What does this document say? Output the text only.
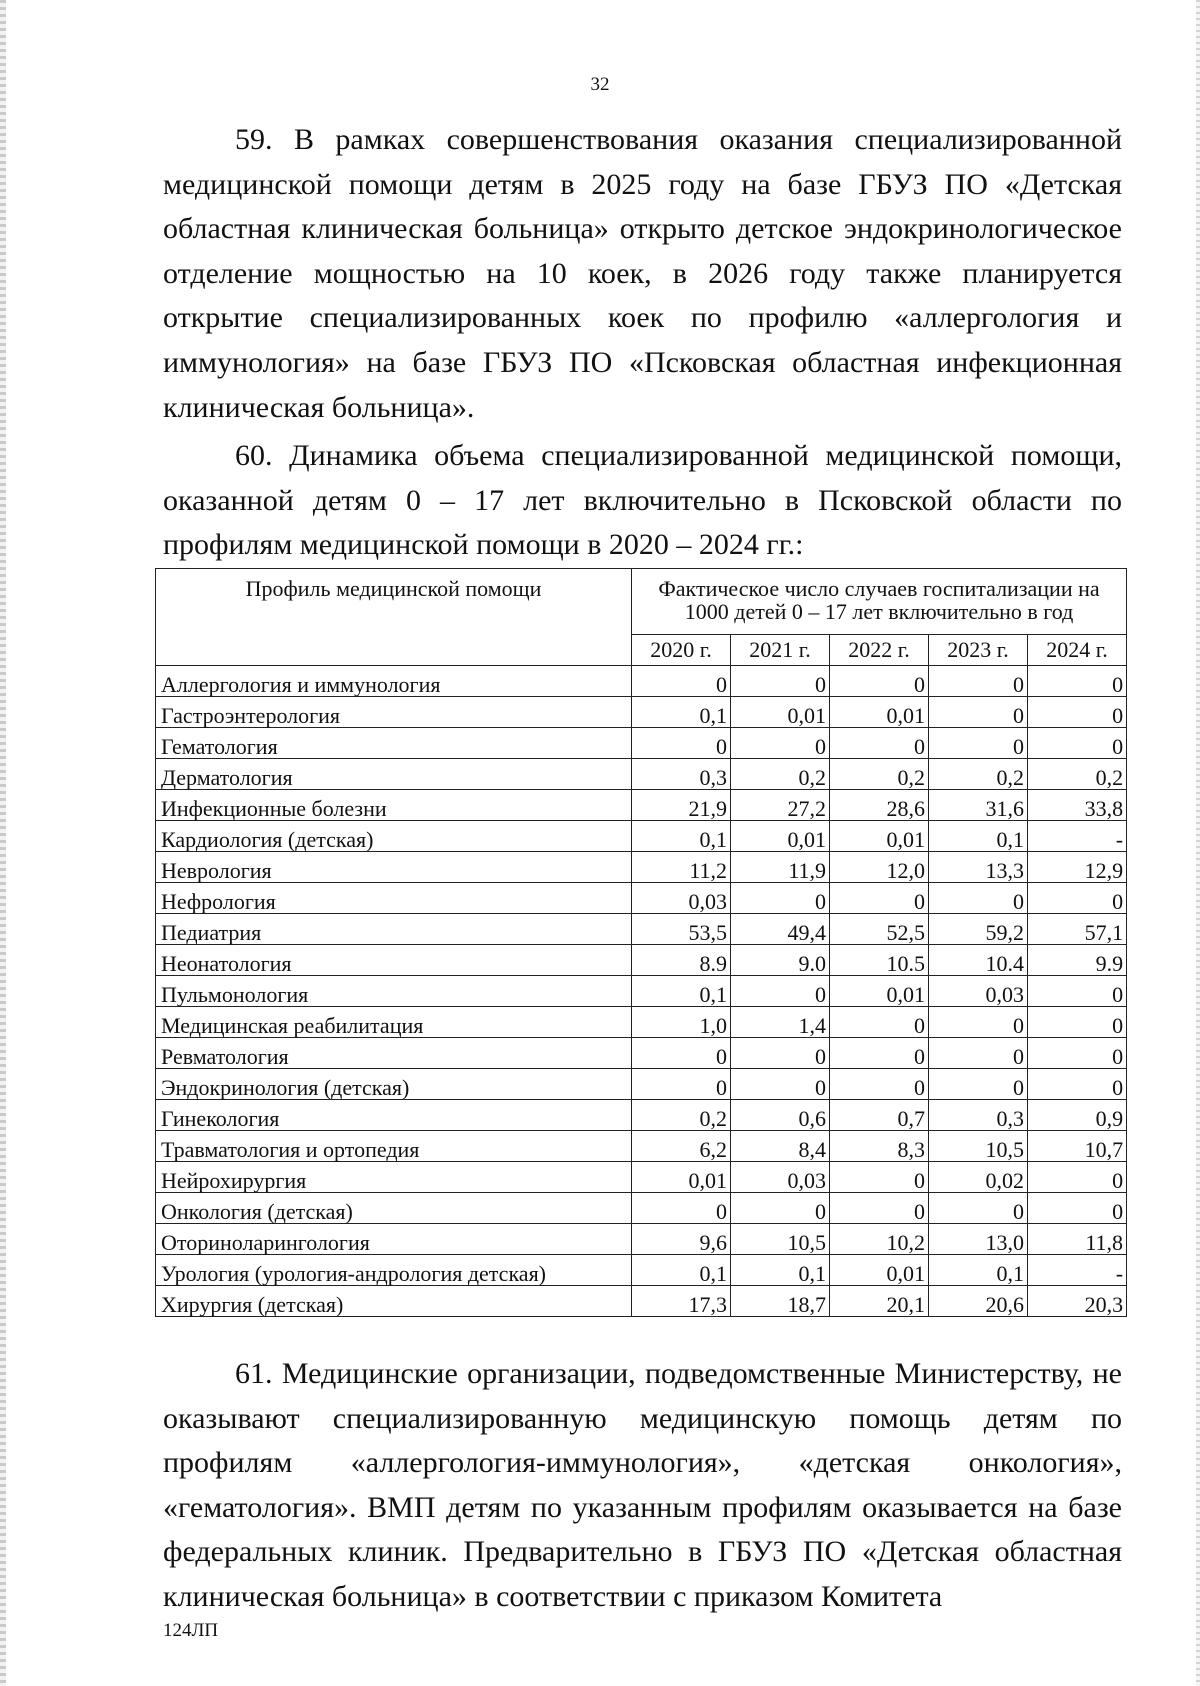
32

59. В рамках совершенствования оказания специализированной медицинской помощи детям в 2025 году на базе ГБУЗ ПО «Детская областная клиническая больница» открыто детское эндокринологическое отделение мощностью на 10 коек, в 2026 году также планируется открытие специализированных коек по профилю «аллергология и иммунология» на базе ГБУЗ ПО «Псковская областная инфекционная клиническая больница».

60. Динамика объема специализированной медицинской помощи, оказанной детям 0 – 17 лет включительно в Псковской области по профилям медицинской помощи в 2020 – 2024 гг.:

Профиль медицинской помощи	Фактическое число случаев госпитализации на 1000 детей 0 – 17 лет включительно в год				
	2020 г.	2021 г.	2022 г.	2023 г.	2024 г.
Аллергология и иммунология	0	0	0	0	0
Гастроэнтерология	0,1	0,01	0,01	0	0
Гематология	0	0	0	0	0
Дерматология	0,3	0,2	0,2	0,2	0,2
Инфекционные болезни	21,9	27,2	28,6	31,6	33,8
Кардиология (детская)	0,1	0,01	0,01	0,1	-
Неврология	11,2	11,9	12,0	13,3	12,9
Нефрология	0,03	0	0	0	0
Педиатрия	53,5	49,4	52,5	59,2	57,1
Неонатология	8.9	9.0	10.5	10.4	9.9
Пульмонология	0,1	0	0,01	0,03	0
Медицинская реабилитация	1,0	1,4	0	0	0
Ревматология	0	0	0	0	0
Эндокринология (детская)	0	0	0	0	0
Гинекология	0,2	0,6	0,7	0,3	0,9
Травматология и ортопедия	6,2	8,4	8,3	10,5	10,7
Нейрохирургия	0,01	0,03	0	0,02	0
Онкология (детская)	0	0	0	0	0
Оториноларингология	9,6	10,5	10,2	13,0	11,8
Урология (урология-андрология детская)	0,1	0,1	0,01	0,1	-
Хирургия (детская)	17,3	18,7	20,1	20,6	20,3

61. Медицинские организации, подведомственные Министерству, не оказывают специализированную медицинскую помощь детям по профилям «аллергология-иммунология», «детская онкология», «гематология». ВМП детям по указанным профилям оказывается на базе федеральных клиник. Предварительно в ГБУЗ ПО «Детская областная клиническая больница» в соответствии с приказом Комитета

124ЛП
